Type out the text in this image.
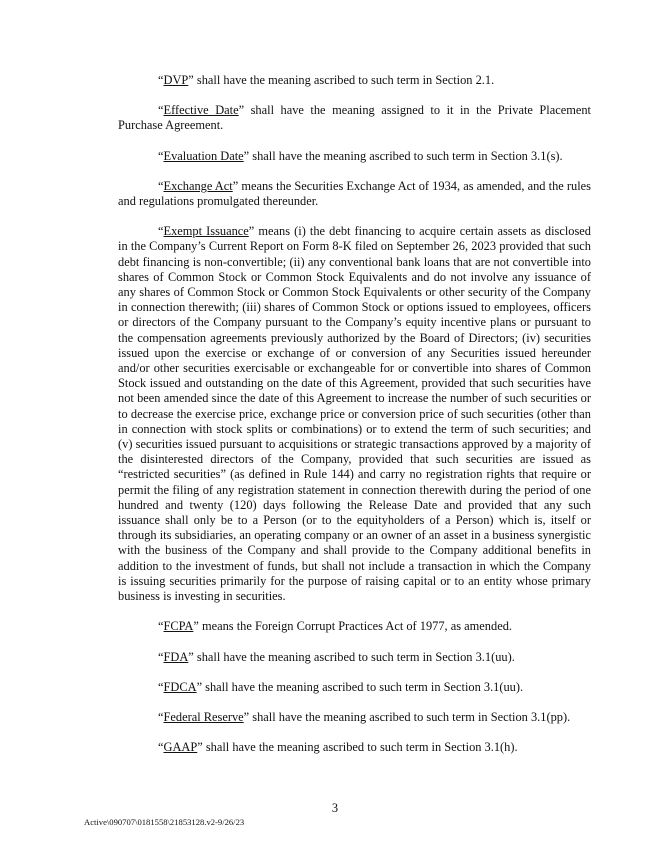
“DVP” shall have the meaning ascribed to such term in Section 2.1.

“Effective Date” shall have the meaning assigned to it in the Private Placement Purchase Agreement.

“Evaluation Date” shall have the meaning ascribed to such term in Section 3.1(s).

“Exchange Act” means the Securities Exchange Act of 1934, as amended, and the rules and regulations promulgated thereunder.

“Exempt Issuance” means (i) the debt financing to acquire certain assets as disclosed in the Company’s Current Report on Form 8-K filed on September 26, 2023 provided that such debt financing is non-convertible; (ii) any conventional bank loans that are not convertible into shares of Common Stock or Common Stock Equivalents and do not involve any issuance of any shares of Common Stock or Common Stock Equivalents or other security of the Company in connection therewith; (iii) shares of Common Stock or options issued to employees, officers or directors of the Company pursuant to the Company’s equity incentive plans or pursuant to the compensation agreements previously authorized by the Board of Directors; (iv) securities issued upon the exercise or exchange of or conversion of any Securities issued hereunder and/or other securities exercisable or exchangeable for or convertible into shares of Common Stock issued and outstanding on the date of this Agreement, provided that such securities have not been amended since the date of this Agreement to increase the number of such securities or to decrease the exercise price, exchange price or conversion price of such securities (other than in connection with stock splits or combinations) or to extend the term of such securities; and (v) securities issued pursuant to acquisitions or strategic transactions approved by a majority of the disinterested directors of the Company, provided that such securities are issued as “restricted securities” (as defined in Rule 144) and carry no registration rights that require or permit the filing of any registration statement in connection therewith during the period of one hundred and twenty (120) days following the Release Date and provided that any such issuance shall only be to a Person (or to the equityholders of a Person) which is, itself or through its subsidiaries, an operating company or an owner of an asset in a business synergistic with the business of the Company and shall provide to the Company additional benefits in addition to the investment of funds, but shall not include a transaction in which the Company is issuing securities primarily for the purpose of raising capital or to an entity whose primary business is investing in securities.

“FCPA” means the Foreign Corrupt Practices Act of 1977, as amended.

“FDA” shall have the meaning ascribed to such term in Section 3.1(uu).

“FDCA” shall have the meaning ascribed to such term in Section 3.1(uu).

“Federal Reserve” shall have the meaning ascribed to such term in Section 3.1(pp).

“GAAP” shall have the meaning ascribed to such term in Section 3.1(h).

3
Active\090707\0181558\21853128.v2-9/26/23
